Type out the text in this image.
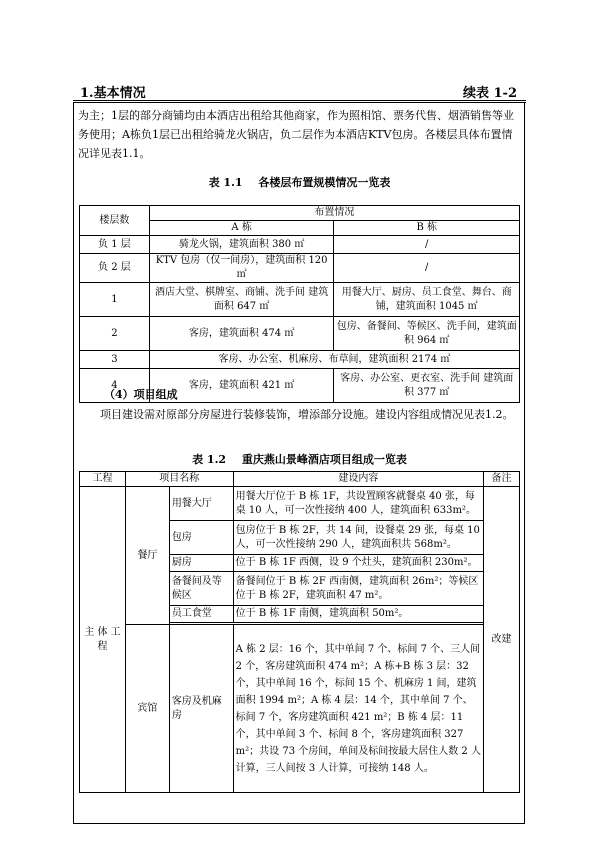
1.基本情况	续表 1-2
为主；1层的部分商铺均由本酒店出租给其他商家，作为照相馆、票务代售、烟酒销售等业务使用；A栋负1层已出租给骑龙火锅店，负二层作为本酒店KTV包房。各楼层具体布置情况详见表1.1。
表 1.1 各楼层布置规模情况一览表
楼层数	布置情况	
	A 栋	B 栋
负 1 层	骑龙火锅，建筑面积 380 ㎡	/
负 2 层	KTV 包房（仅一间房），建筑面积 120 ㎡	/
1	酒店大堂、棋牌室、商铺、洗手间 建筑面积 647 ㎡	用餐大厅、厨房、员工食堂、舞台、商铺，建筑面积 1045 ㎡
2	客房，建筑面积 474 ㎡	包房、备餐间、等候区、洗手间，建筑面积 964 ㎡
3	客房、办公室、机麻房、布草间，建筑面积 2174 ㎡	
4	客房，建筑面积 421 ㎡	客房、办公室、更衣室、洗手间 建筑面积 377 ㎡
（4）项目组成
项目建设需对原部分房屋进行装修装饰，增添部分设施。建设内容组成情况见表1.2。
表 1.2 重庆燕山景峰酒店项目组成一览表
工程	项目名称		建设内容	备注
主 体 工程	餐厅	用餐大厅	用餐大厅位于 B 栋 1F，共设置顾客就餐桌 40 张，每桌 10 人，可一次性接纳 400 人，建筑面积 633m²。	改建
		包房	包房位于 B 栋 2F，共 14 间，设餐桌 29 张，每桌 10 人，可一次性接纳 290 人，建筑面积共 568m²。	
		厨房	位于 B 栋 1F 西侧，设 9 个灶头，建筑面积 230m²。	
		备餐间及等候区	备餐间位于 B 栋 2F 西南侧，建筑面积 26m²；等候区位于 B 栋 2F，建筑面积 47 m²。	
		员工食堂	位于 B 栋 1F 南侧，建筑面积 50m²。	

	宾馆	客房及机麻房	A 栋 2 层：16 个，其中单间 7 个、标间 7 个、三人间 2 个，客房建筑面积 474 m²；A 栋+B 栋 3 层：32 个，其中单间 16 个，标间 15 个、机麻房 1 间，建筑面积 1994 m²；A 栋 4 层：14 个，其中单间 7 个、标间 7 个，客房建筑面积 421 m²；B 栋 4 层：11 个，其中单间 3 个、标间 8 个，客房建筑面积 327 m²；共设 73 个房间，单间及标间按最大居住人数 2 人计算，三人间按 3 人计算，可接纳 148 人。	
